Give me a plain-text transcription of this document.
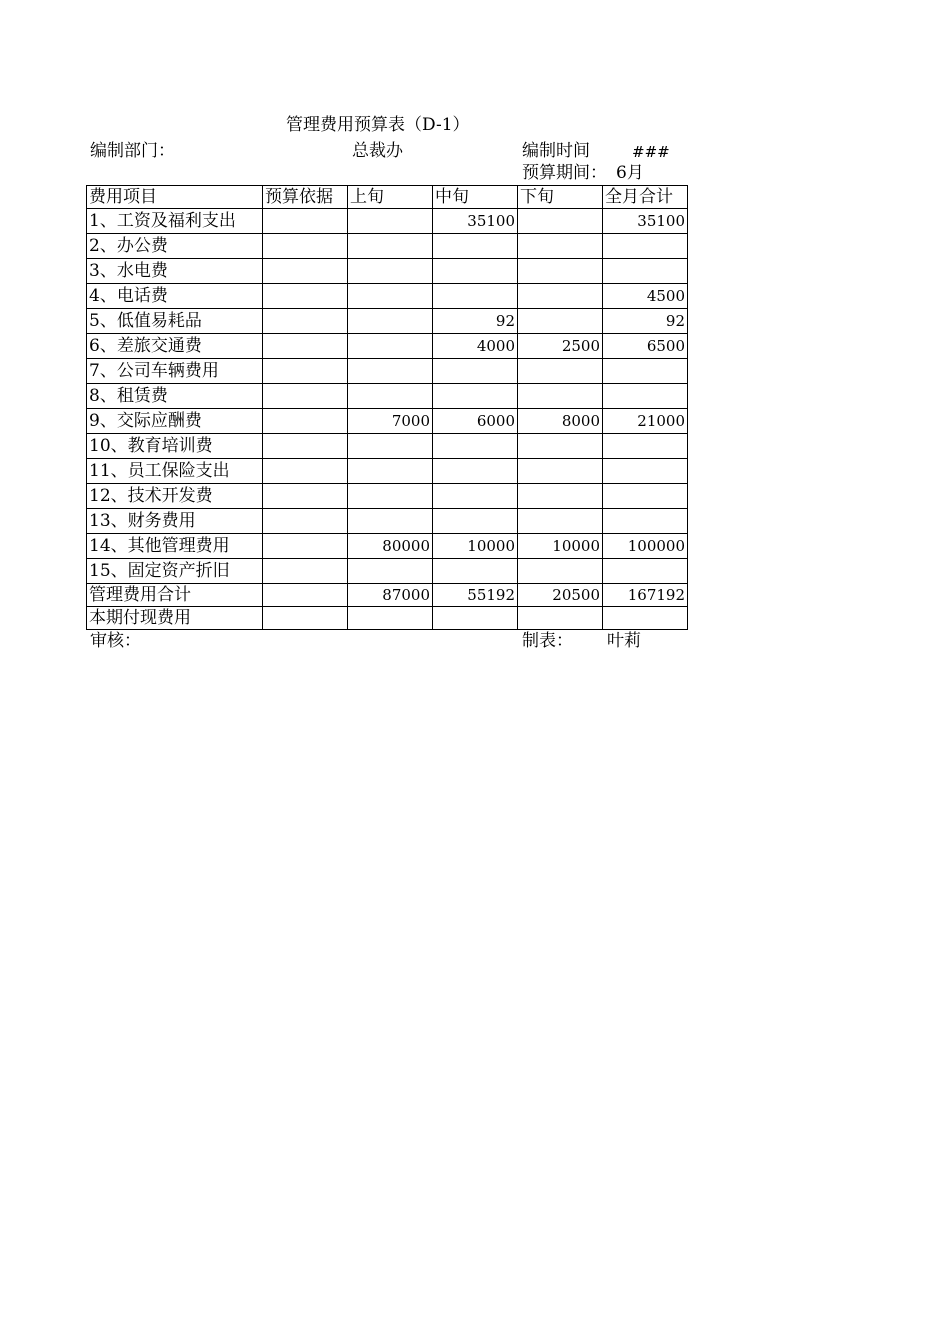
管理费用预算表（D-1）
编制部门：	总裁办	编制时间	###
预算期间： 6月
费用项目	预算依据	上旬	中旬	下旬	全月合计
1、工资及福利支出			35100		35100
2、办公费					
3、水电费					
4、电话费					4500
5、低值易耗品			92		92
6、差旅交通费			4000	2500	6500
7、公司车辆费用					
8、租赁费					
9、交际应酬费		7000	6000	8000	21000
10、教育培训费					
11、员工保险支出					
12、技术开发费					
13、财务费用					
14、其他管理费用		80000	10000	10000	100000
15、固定资产折旧					
管理费用合计		87000	55192	20500	167192
本期付现费用					
审核：	制表： 叶莉
